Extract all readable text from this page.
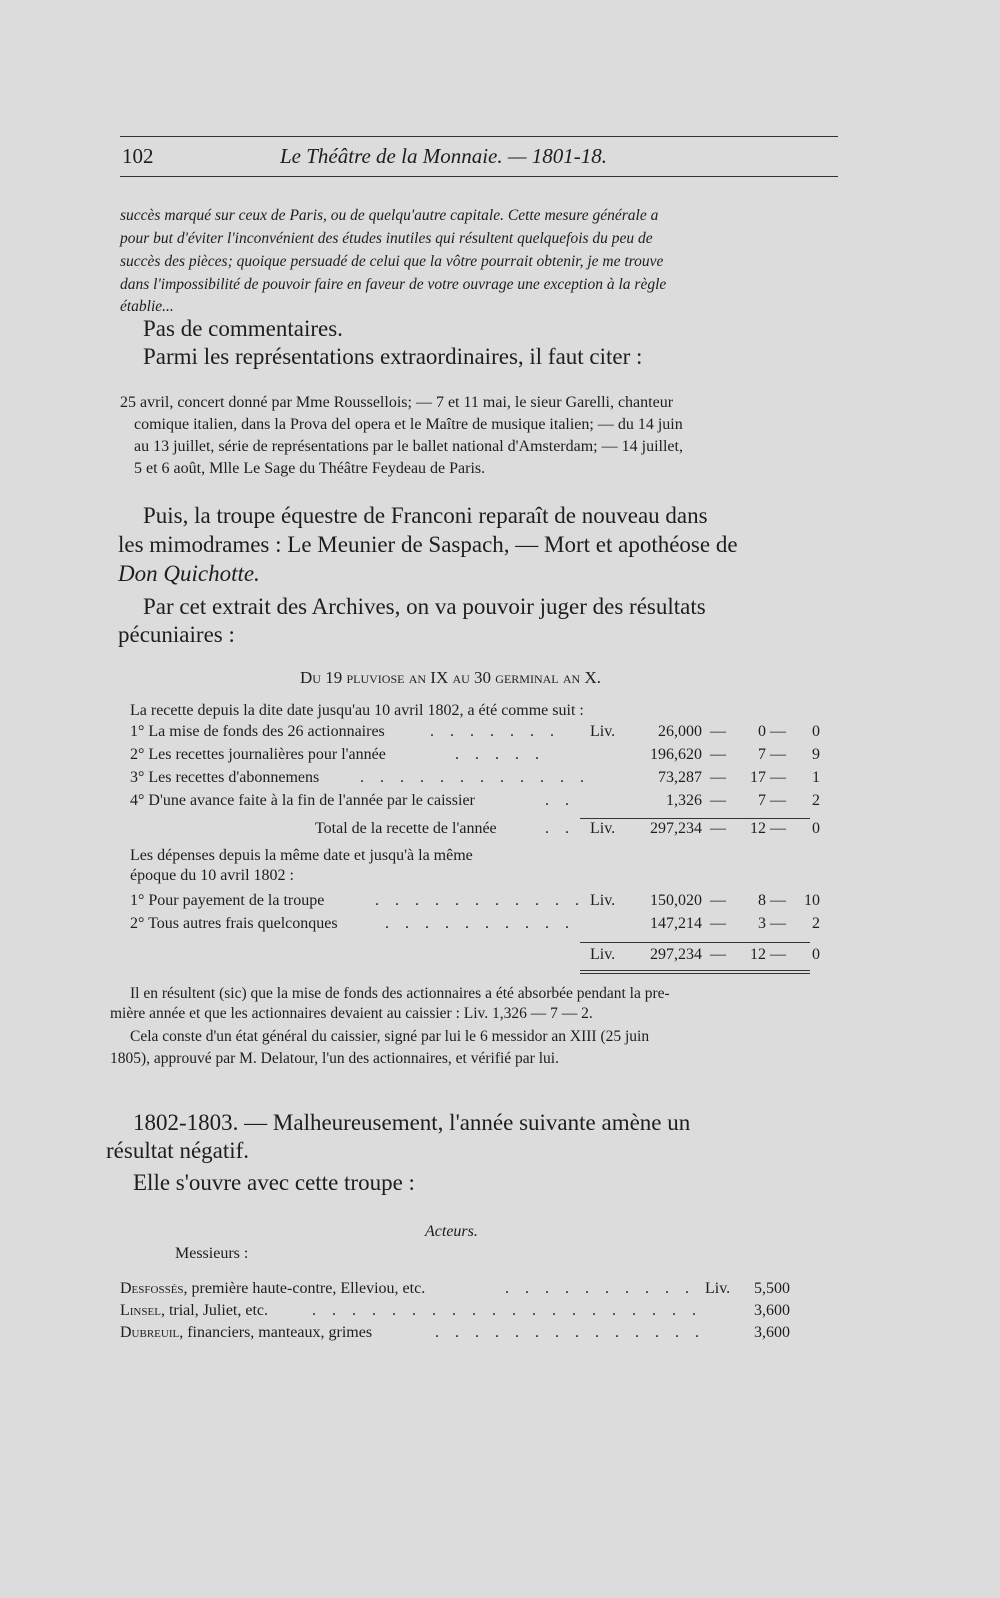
102	Le Théâtre de la Monnaie. — 1801-18.
succès marqué sur ceux de Paris, ou de quelqu'autre capitale. Cette mesure générale a
pour but d'éviter l'inconvénient des études inutiles qui résultent quelquefois du peu de
succès des pièces; quoique persuadé de celui que la vôtre pourrait obtenir, je me trouve
dans l'impossibilité de pouvoir faire en faveur de votre ouvrage une exception à la règle
établie...
Pas de commentaires.
Parmi les représentations extraordinaires, il faut citer :
25 avril, concert donné par Mme Roussellois; — 7 et 11 mai, le sieur Garelli, chanteur
comique italien, dans la Prova del opera et le Maître de musique italien; — du 14 juin
au 13 juillet, série de représentations par le ballet national d'Amsterdam; — 14 juillet,
5 et 6 août, Mlle Le Sage du Théâtre Feydeau de Paris.
Puis, la troupe équestre de Franconi reparaît de nouveau dans
les mimodrames : Le Meunier de Saspach, — Mort et apothéose de
Don Quichotte.
Par cet extrait des Archives, on va pouvoir juger des résultats
pécuniaires :
Du 19 pluviose an IX au 30 germinal an X.
La recette depuis la dite date jusqu'au 10 avril 1802, a été comme suit :
1° La mise de fonds des 26 actionnaires	. . . . . . . Liv.	26,000 —	0 —	0
2° Les recettes journalières pour l'année	. . . . .	196,620 —	7 —	9
3° Les recettes d'abonnemens	. . . . . . . . . . . .	73,287 —	17 —	1
4° D'une avance faite à la fin de l'année par le caissier	. .	1,326 —	7 —	2
Total de la recette de l'année	. . Liv.	297,234 —	12 —	0
Les dépenses depuis la même date et jusqu'à la même
époque du 10 avril 1802 :
1° Pour payement de la troupe	. . . . . . . . . . . Liv.	150,020 —	8 —	10
2° Tous autres frais quelconques	. . . . . . . . . .	147,214 —	3 —	2
Liv.	297,234 —	12 —	0
Il en résultent (sic) que la mise de fonds des actionnaires a été absorbée pendant la pre-
mière année et que les actionnaires devaient au caissier : Liv. 1,326 — 7 — 2.
Cela conste d'un état général du caissier, signé par lui le 6 messidor an XIII (25 juin
1805), approuvé par M. Delatour, l'un des actionnaires, et vérifié par lui.
1802-1803. — Malheureusement, l'année suivante amène un
résultat négatif.
Elle s'ouvre avec cette troupe :
Acteurs.
Messieurs :
Desfossés, première haute-contre, Elleviou, etc.	. . . . . . . . . . Liv.	5,500
Linsel, trial, Juliet, etc.	. . . . . . . . . . . . . . . . . . . .	3,600
Dubreuil, financiers, manteaux, grimes	. . . . . . . . . . . . . .	3,600
